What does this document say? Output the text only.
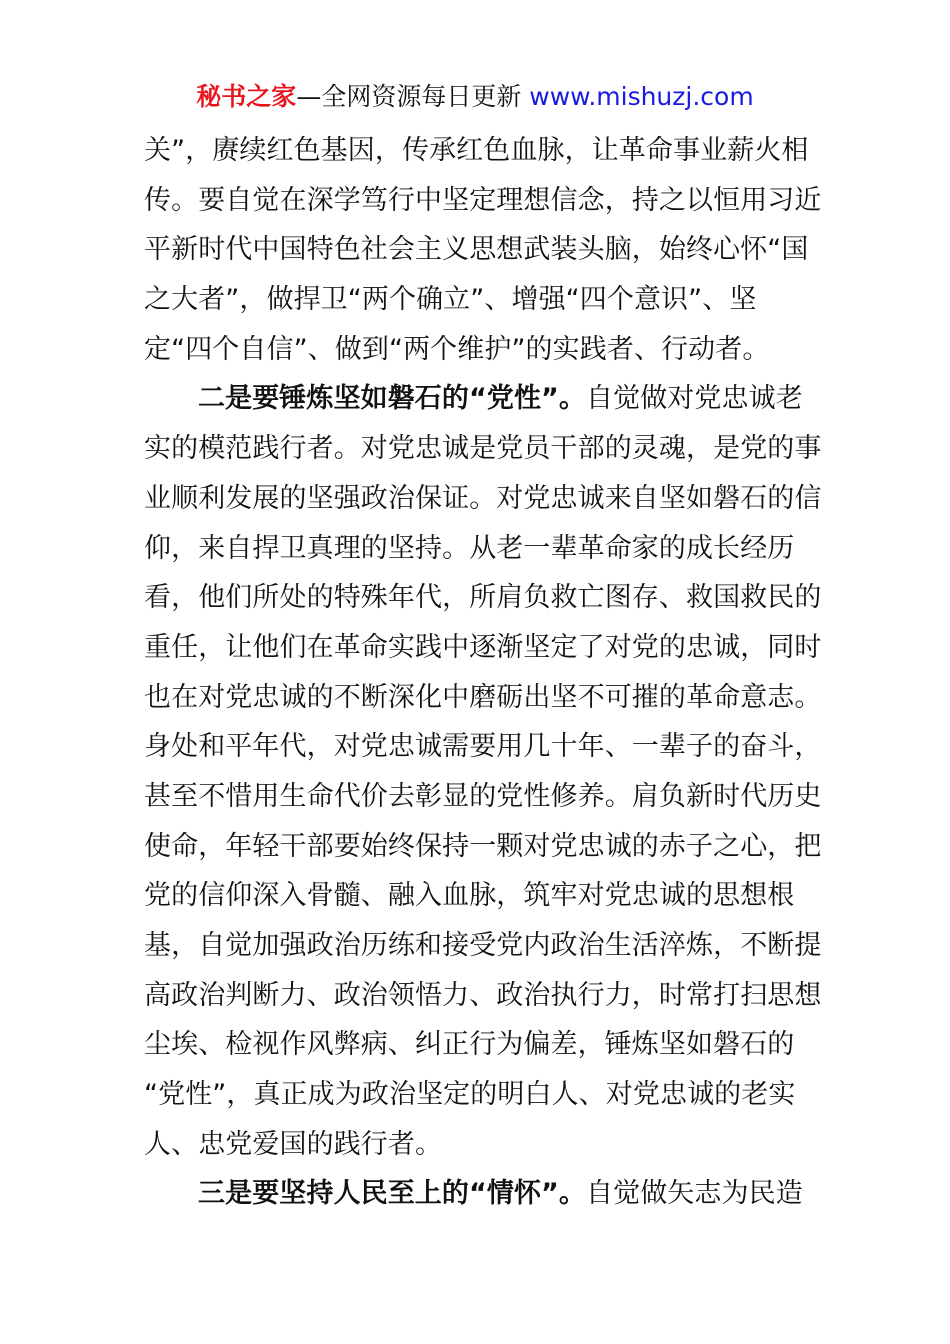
秘书之家—全网资源每日更新 www.mishuzj.com
关”，赓续红色基因，传承红色血脉，让革命事业薪火相
传。要自觉在深学笃行中坚定理想信念，持之以恒用习近
平新时代中国特色社会主义思想武装头脑，始终心怀“国
之大者”，做捍卫“两个确立”、增强“四个意识”、坚
定“四个自信”、做到“两个维护”的实践者、行动者。
二是要锤炼坚如磐石的“党性”。自觉做对党忠诚老
实的模范践行者。对党忠诚是党员干部的灵魂，是党的事
业顺利发展的坚强政治保证。对党忠诚来自坚如磐石的信
仰，来自捍卫真理的坚持。从老一辈革命家的成长经历
看，他们所处的特殊年代，所肩负救亡图存、救国救民的
重任，让他们在革命实践中逐渐坚定了对党的忠诚，同时
也在对党忠诚的不断深化中磨砺出坚不可摧的革命意志。
身处和平年代，对党忠诚需要用几十年、一辈子的奋斗，
甚至不惜用生命代价去彰显的党性修养。肩负新时代历史
使命，年轻干部要始终保持一颗对党忠诚的赤子之心，把
党的信仰深入骨髓、融入血脉，筑牢对党忠诚的思想根
基，自觉加强政治历练和接受党内政治生活淬炼，不断提
高政治判断力、政治领悟力、政治执行力，时常打扫思想
尘埃、检视作风弊病、纠正行为偏差，锤炼坚如磐石的
“党性”，真正成为政治坚定的明白人、对党忠诚的老实
人、忠党爱国的践行者。
三是要坚持人民至上的“情怀”。自觉做矢志为民造
